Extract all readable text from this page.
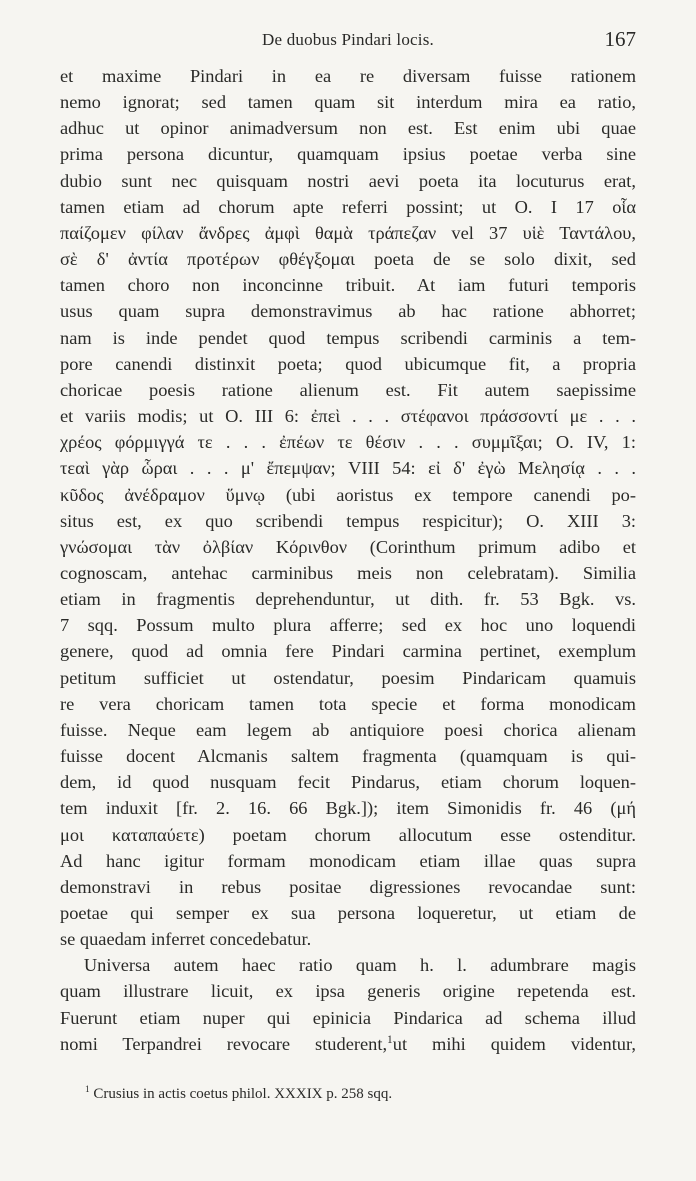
De duobus Pindari locis.	167
et maxime Pindari in ea re diversam fuisse rationem
nemo ignorat; sed tamen quam sit interdum mira ea ratio,
adhuc ut opinor animadversum non est. Est enim ubi quae
prima persona dicuntur, quamquam ipsius poetae verba sine
dubio sunt nec quisquam nostri aevi poeta ita locuturus erat,
tamen etiam ad chorum apte referri possint; ut O. I 17 οἷα
παίζομεν φίλαν ἄνδρες ἀμφὶ θαμὰ τράπεζαν vel 37 υἱὲ Ταντάλου,
σὲ δ' ἀντία προτέρων φθέγξομαι poeta de se solo dixit, sed
tamen choro non inconcinne tribuit. At iam futuri temporis
usus quam supra demonstravimus ab hac ratione abhorret;
nam is inde pendet quod tempus scribendi carminis a tem-
pore canendi distinxit poeta; quod ubicumque fit, a propria
choricae poesis ratione alienum est. Fit autem saepissime
et variis modis; ut O. III 6: ἐπεὶ . . . στέφανοι πράσσοντί με . . .
χρέος φόρμιγγά τε . . . ἐπέων τε θέσιν . . . συμμῖξαι; O. IV, 1:
τεαὶ γὰρ ὧραι . . . μ' ἔπεμψαν; VIII 54: εἰ δ' ἐγὼ Μελησίᾳ . . .
κῦδος ἀνέδραμον ὕμνῳ (ubi aoristus ex tempore canendi po-
situs est, ex quo scribendi tempus respicitur); O. XIII 3:
γνώσομαι τὰν ὀλβίαν Κόρινθον (Corinthum primum adibo et
cognoscam, antehac carminibus meis non celebratam). Similia
etiam in fragmentis deprehenduntur, ut dith. fr. 53 Bgk. vs.
7 sqq. Possum multo plura afferre; sed ex hoc uno loquendi
genere, quod ad omnia fere Pindari carmina pertinet, exemplum
petitum sufficiet ut ostendatur, poesim Pindaricam quamuis
re vera choricam tamen tota specie et forma monodicam
fuisse. Neque eam legem ab antiquiore poesi chorica alienam
fuisse docent Alcmanis saltem fragmenta (quamquam is qui-
dem, id quod nusquam fecit Pindarus, etiam chorum loquen-
tem induxit [fr. 2. 16. 66 Bgk.]); item Simonidis fr. 46 (μή
μοι καταπαύετε) poetam chorum allocutum esse ostenditur.
Ad hanc igitur formam monodicam etiam illae quas supra
demonstravi in rebus positae digressiones revocandae sunt:
poetae qui semper ex sua persona loqueretur, ut etiam de
se quaedam inferret concedebatur.
Universa autem haec ratio quam h. l. adumbrare magis
quam illustrare licuit, ex ipsa generis origine repetenda est.
Fuerunt etiam nuper qui epinicia Pindarica ad schema illud
nomi Terpandrei revocare studerent,$^1$ut mihi quidem videntur,
$^1$ Crusius in actis coetus philol. XXXIX p. 258 sqq.
